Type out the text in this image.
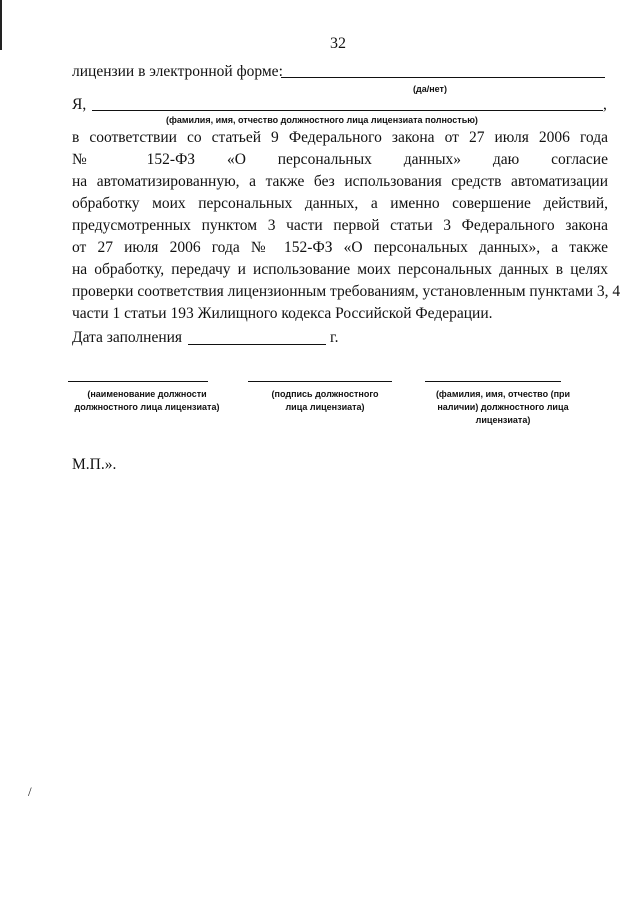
32
лицензии в электронной форме:
(да/нет)
Я,	,
(фамилия, имя, отчество должностного лица лицензиата полностью)
в соответствии со статьей 9 Федерального закона от 27 июля 2006 года
№ 152-ФЗ «О персональных данных» даю согласие
на автоматизированную, а также без использования средств автоматизации
обработку моих персональных данных, а именно совершение действий,
предусмотренных пунктом 3 части первой статьи 3 Федерального закона
от 27 июля 2006 года № 152-ФЗ «О персональных данных», а также
на обработку, передачу и использование моих персональных данных в целях
проверки соответствия лицензионным требованиям, установленным пунктами 3, 4
части 1 статьи 193 Жилищного кодекса Российской Федерации.
Дата заполнения	г.
(наименование должности должностного лица лицензиата)
(подпись должностного лица лицензиата)
(фамилия, имя, отчество (при наличии) должностного лица лицензиата)
М.П.».
/
